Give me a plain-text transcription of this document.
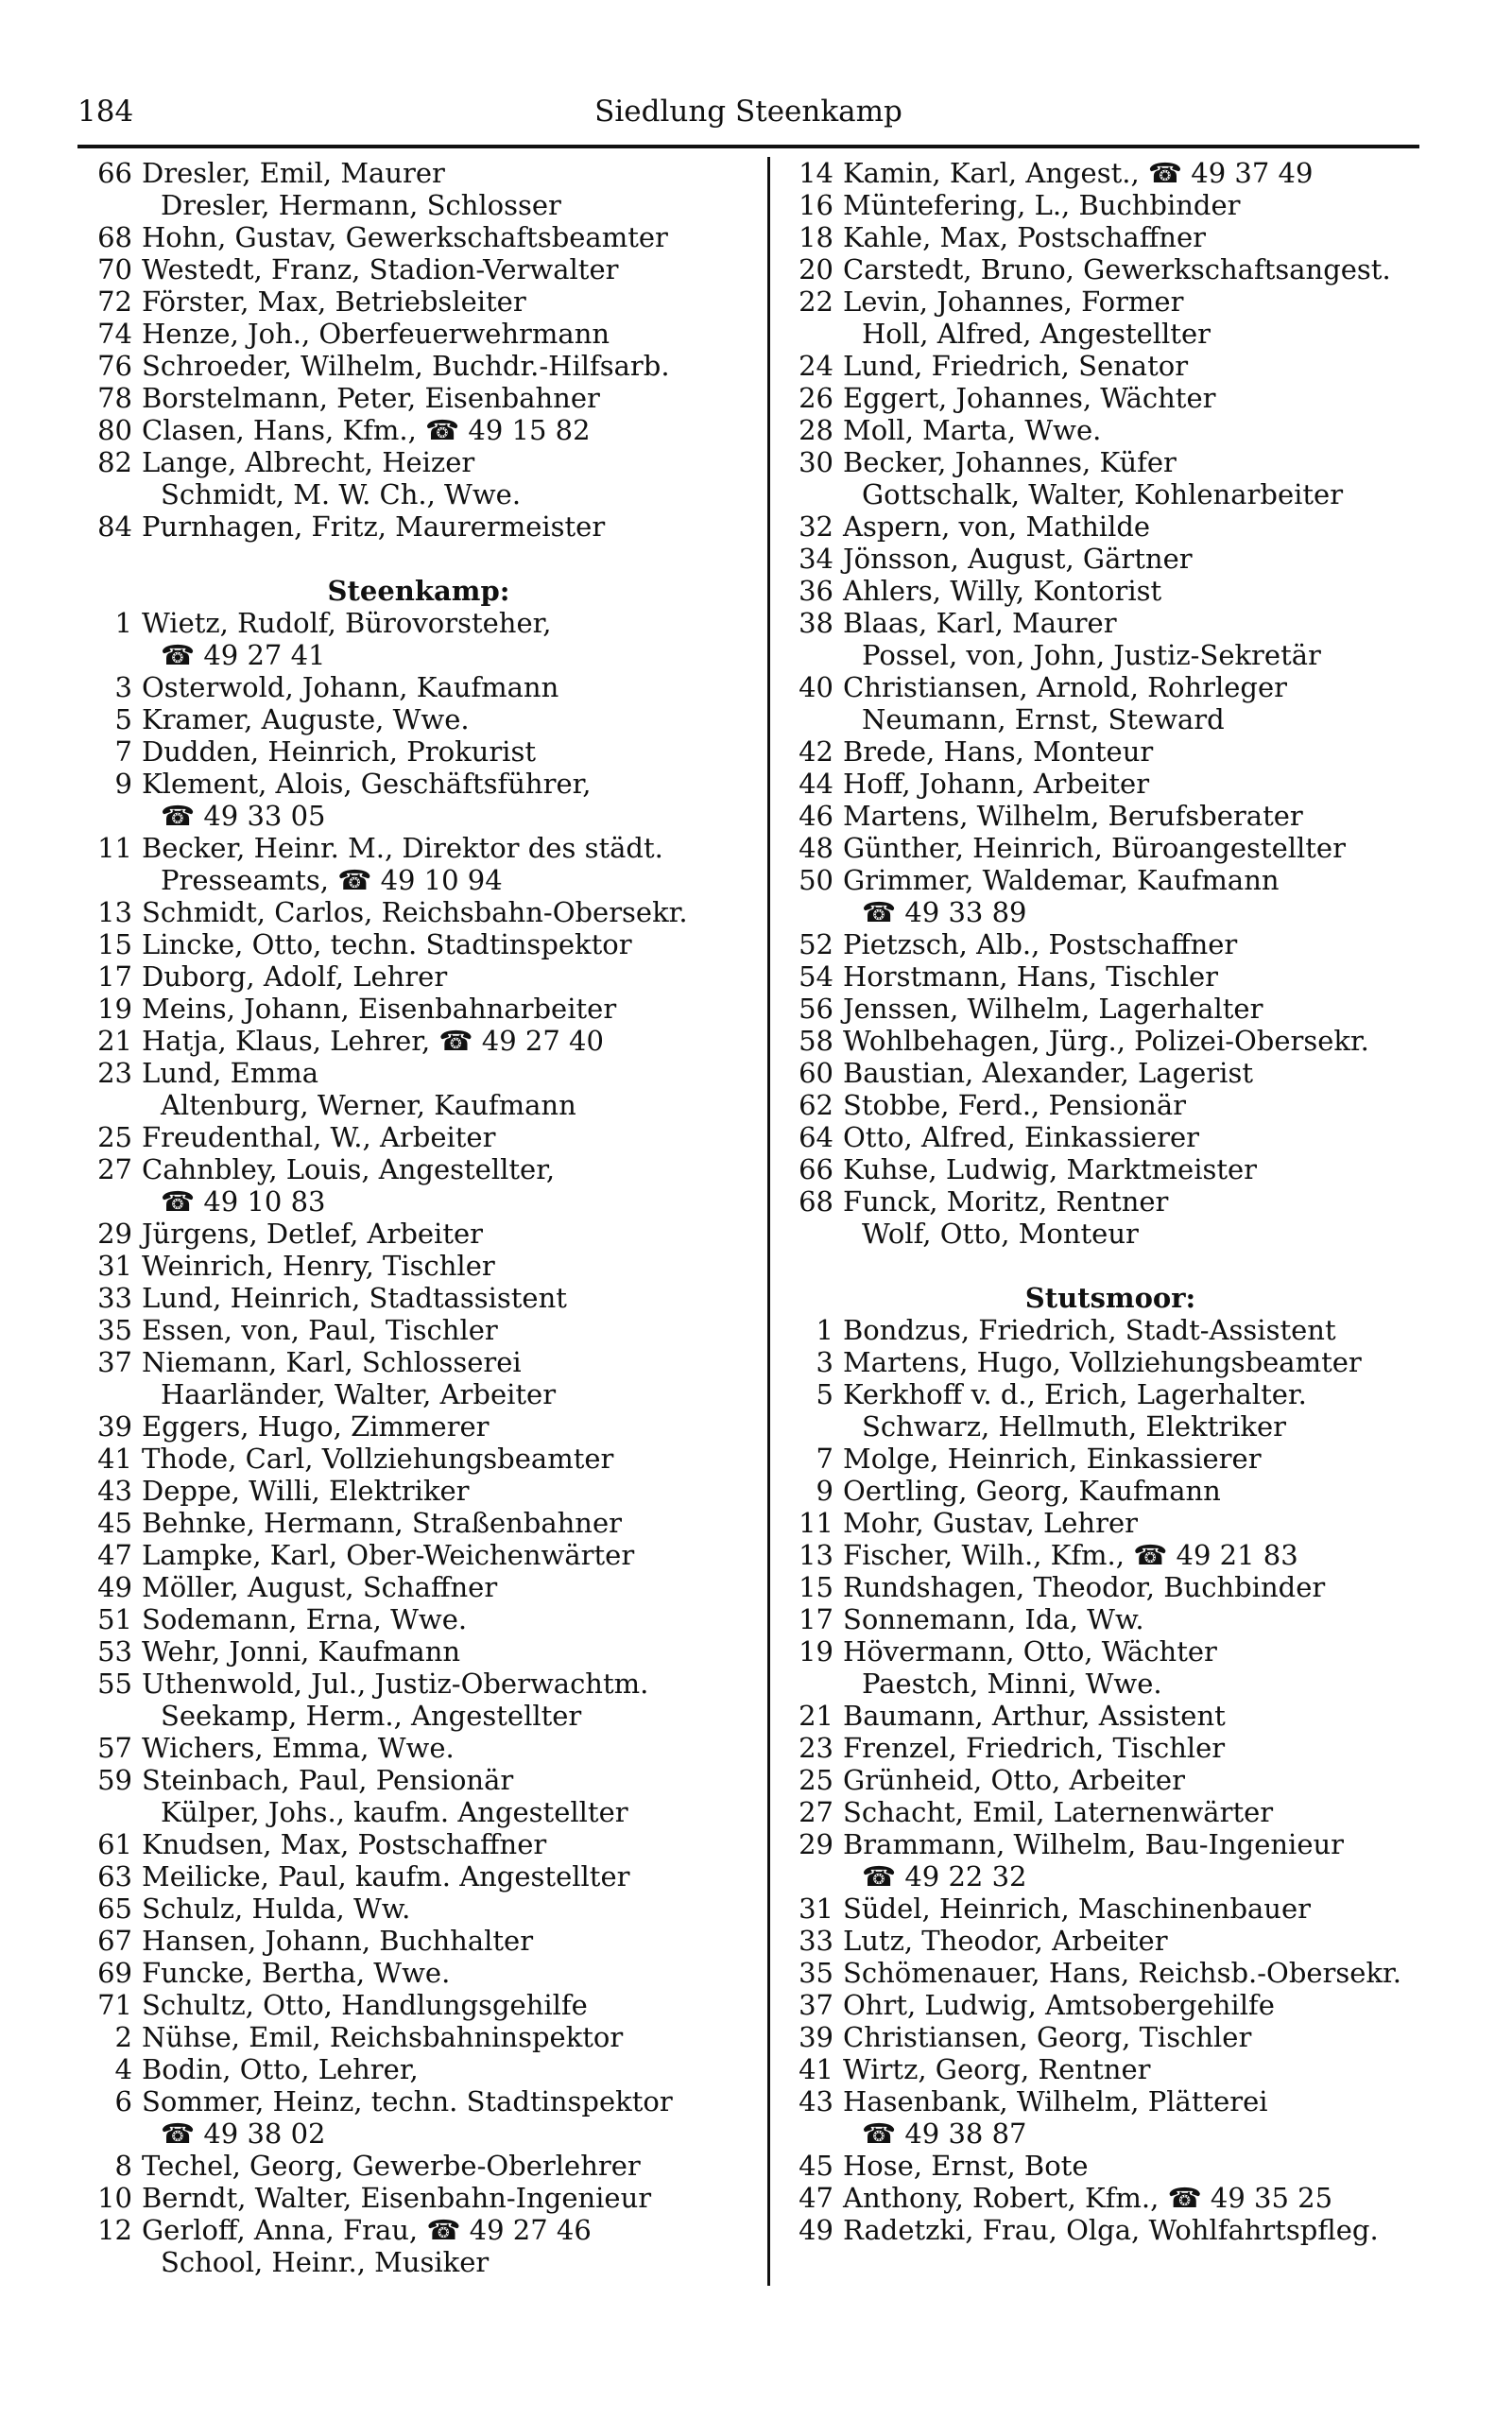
184	Siedlung Steenkamp
66 Dresler, Emil, Maurer
Dresler, Hermann, Schlosser
68 Hohn, Gustav, Gewerkschaftsbeamter
70 Westedt, Franz, Stadion-Verwalter
72 Förster, Max, Betriebsleiter
74 Henze, Joh., Oberfeuerwehrmann
76 Schroeder, Wilhelm, Buchdr.-Hilfsarb.
78 Borstelmann, Peter, Eisenbahner
80 Clasen, Hans, Kfm., ☎ 49 15 82
82 Lange, Albrecht, Heizer
Schmidt, M. W. Ch., Wwe.
84 Purnhagen, Fritz, Maurermeister
Steenkamp:
1 Wietz, Rudolf, Bürovorsteher,
☎ 49 27 41
3 Osterwold, Johann, Kaufmann
5 Kramer, Auguste, Wwe.
7 Dudden, Heinrich, Prokurist
9 Klement, Alois, Geschäftsführer,
☎ 49 33 05
11 Becker, Heinr. M., Direktor des städt.
Presseamts, ☎ 49 10 94
13 Schmidt, Carlos, Reichsbahn-Obersekr.
15 Lincke, Otto, techn. Stadtinspektor
17 Duborg, Adolf, Lehrer
19 Meins, Johann, Eisenbahnarbeiter
21 Hatja, Klaus, Lehrer, ☎ 49 27 40
23 Lund, Emma
Altenburg, Werner, Kaufmann
25 Freudenthal, W., Arbeiter
27 Cahnbley, Louis, Angestellter,
☎ 49 10 83
29 Jürgens, Detlef, Arbeiter
31 Weinrich, Henry, Tischler
33 Lund, Heinrich, Stadtassistent
35 Essen, von, Paul, Tischler
37 Niemann, Karl, Schlosserei
Haarländer, Walter, Arbeiter
39 Eggers, Hugo, Zimmerer
41 Thode, Carl, Vollziehungsbeamter
43 Deppe, Willi, Elektriker
45 Behnke, Hermann, Straßenbahner
47 Lampke, Karl, Ober-Weichenwärter
49 Möller, August, Schaffner
51 Sodemann, Erna, Wwe.
53 Wehr, Jonni, Kaufmann
55 Uthenwold, Jul., Justiz-Oberwachtm.
Seekamp, Herm., Angestellter
57 Wichers, Emma, Wwe.
59 Steinbach, Paul, Pensionär
Külper, Johs., kaufm. Angestellter
61 Knudsen, Max, Postschaffner
63 Meilicke, Paul, kaufm. Angestellter
65 Schulz, Hulda, Ww.
67 Hansen, Johann, Buchhalter
69 Funcke, Bertha, Wwe.
71 Schultz, Otto, Handlungsgehilfe
2 Nühse, Emil, Reichsbahninspektor
4 Bodin, Otto, Lehrer,
6 Sommer, Heinz, techn. Stadtinspektor
☎ 49 38 02
8 Techel, Georg, Gewerbe-Oberlehrer
10 Berndt, Walter, Eisenbahn-Ingenieur
12 Gerloff, Anna, Frau, ☎ 49 27 46
School, Heinr., Musiker
14 Kamin, Karl, Angest., ☎ 49 37 49
16 Müntefering, L., Buchbinder
18 Kahle, Max, Postschaffner
20 Carstedt, Bruno, Gewerkschaftsangest.
22 Levin, Johannes, Former
Holl, Alfred, Angestellter
24 Lund, Friedrich, Senator
26 Eggert, Johannes, Wächter
28 Moll, Marta, Wwe.
30 Becker, Johannes, Küfer
Gottschalk, Walter, Kohlenarbeiter
32 Aspern, von, Mathilde
34 Jönsson, August, Gärtner
36 Ahlers, Willy, Kontorist
38 Blaas, Karl, Maurer
Possel, von, John, Justiz-Sekretär
40 Christiansen, Arnold, Rohrleger
Neumann, Ernst, Steward
42 Brede, Hans, Monteur
44 Hoff, Johann, Arbeiter
46 Martens, Wilhelm, Berufsberater
48 Günther, Heinrich, Büroangestellter
50 Grimmer, Waldemar, Kaufmann
☎ 49 33 89
52 Pietzsch, Alb., Postschaffner
54 Horstmann, Hans, Tischler
56 Jenssen, Wilhelm, Lagerhalter
58 Wohlbehagen, Jürg., Polizei-Obersekr.
60 Baustian, Alexander, Lagerist
62 Stobbe, Ferd., Pensionär
64 Otto, Alfred, Einkassierer
66 Kuhse, Ludwig, Marktmeister
68 Funck, Moritz, Rentner
Wolf, Otto, Monteur
Stutsmoor:
1 Bondzus, Friedrich, Stadt-Assistent
3 Martens, Hugo, Vollziehungsbeamter
5 Kerkhoff v. d., Erich, Lagerhalter.
Schwarz, Hellmuth, Elektriker
7 Molge, Heinrich, Einkassierer
9 Oertling, Georg, Kaufmann
11 Mohr, Gustav, Lehrer
13 Fischer, Wilh., Kfm., ☎ 49 21 83
15 Rundshagen, Theodor, Buchbinder
17 Sonnemann, Ida, Ww.
19 Hövermann, Otto, Wächter
Paestch, Minni, Wwe.
21 Baumann, Arthur, Assistent
23 Frenzel, Friedrich, Tischler
25 Grünheid, Otto, Arbeiter
27 Schacht, Emil, Laternenwärter
29 Brammann, Wilhelm, Bau-Ingenieur
☎ 49 22 32
31 Südel, Heinrich, Maschinenbauer
33 Lutz, Theodor, Arbeiter
35 Schömenauer, Hans, Reichsb.-Obersekr.
37 Ohrt, Ludwig, Amtsobergehilfe
39 Christiansen, Georg, Tischler
41 Wirtz, Georg, Rentner
43 Hasenbank, Wilhelm, Plätterei
☎ 49 38 87
45 Hose, Ernst, Bote
47 Anthony, Robert, Kfm., ☎ 49 35 25
49 Radetzki, Frau, Olga, Wohlfahrtspfleg.
